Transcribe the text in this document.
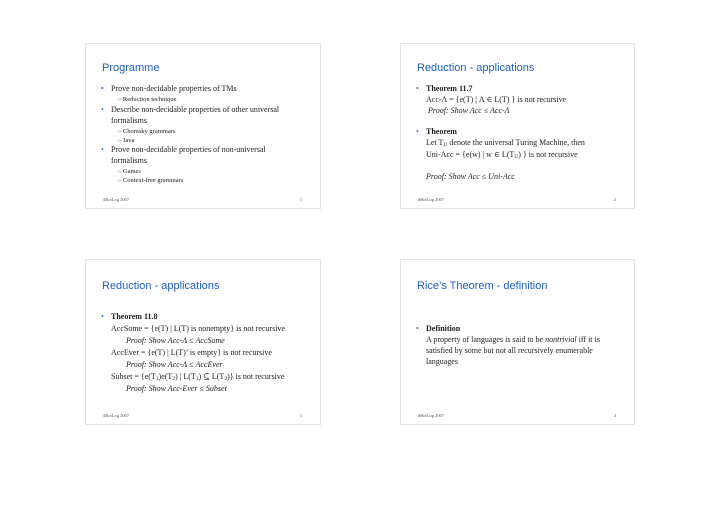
Programme
• Prove non-decidable properties of TMs
– Reduction technique
• Describe non-decidable properties of other universal
formalisms
– Chomsky grammars
– Java
• Prove non-decidable properties of non-universal
formalisms
– Games
– Context-free grammars
dBotLog 2007	1
Reduction - applications
• Theorem 11.7
Acc-Λ = {e(T) | Λ ∈ L(T) } is not recursive
Proof: Show Acc ≤ Acc-Λ
• Theorem
Let TU denote the universal Turing Machine, then
Uni-Acc = {e(w) | w ∈ L(TU) } is not recursive
Proof: Show Acc ≤ Uni-Acc
dBotLog 2007	2
Reduction - applications
• Theorem 11.8
AccSome = {e(T) | L(T) is nonempty} is not recursive
Proof: Show Acc-Λ ≤ AccSome
AccEver = {e(T) | L(T)’ is empty} is not recursive
Proof: Show Acc-Λ ≤ AccEver
Subset = {e(T1)e(T2) | L(T1) ⊆ L(T2)} is not recursive
Proof: Show Acc-Ever ≤ Subset
dBotLog 2007	3
Rice’s Theorem - definition
• Definition
A property of languages is said to be nontrivial iff it is
satisfied by some but not all recursively enumerable
languages
dBotLog 2007	4
